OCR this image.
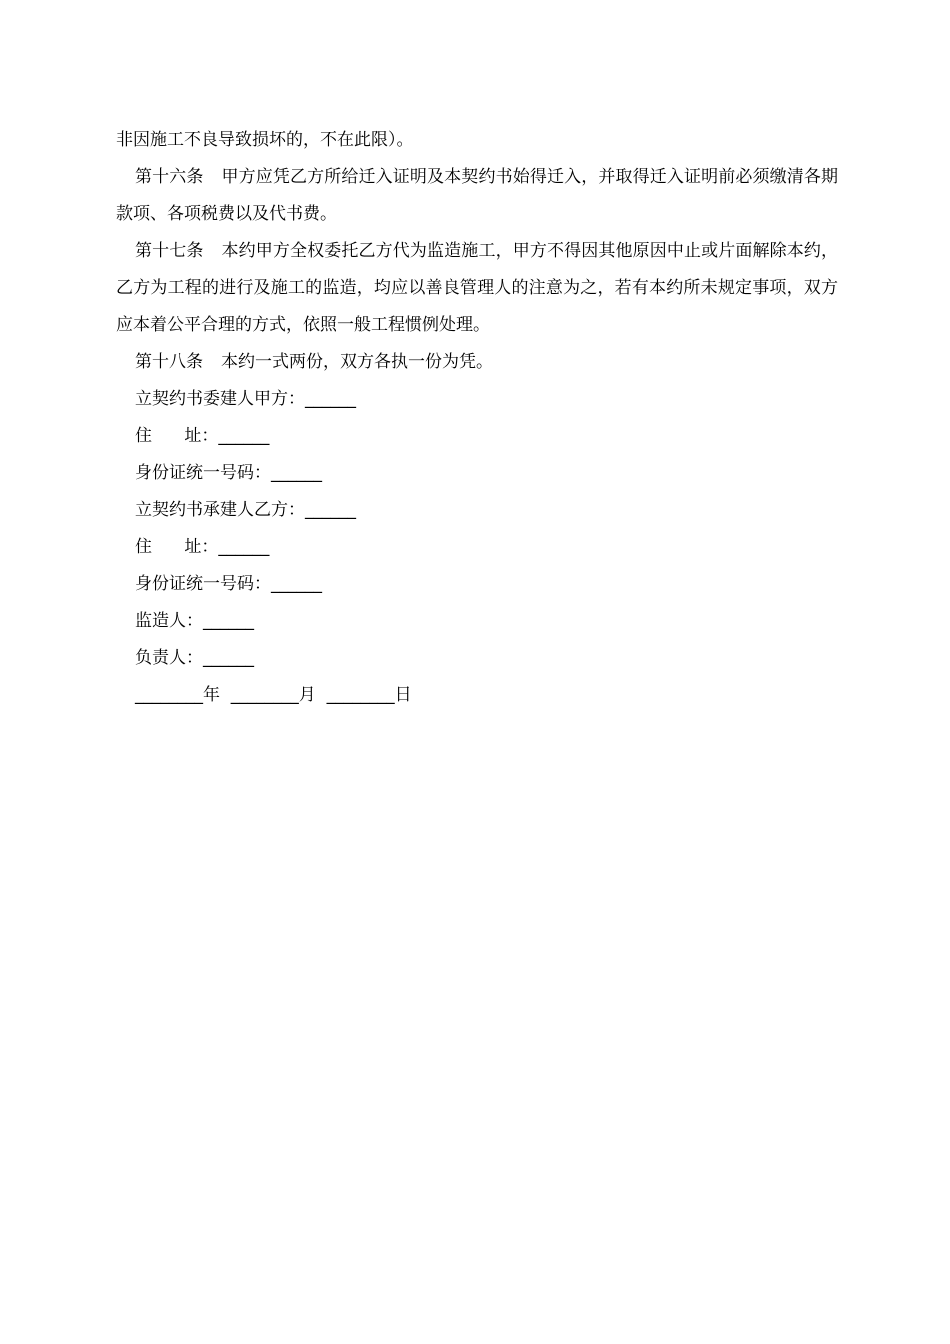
非因施工不良导致损坏的，不在此限）。

第十六条 甲方应凭乙方所给迁入证明及本契约书始得迁入，并取得迁入证明前必须缴清各期款项、各项税费以及代书费。

第十七条 本约甲方全权委托乙方代为监造施工，甲方不得因其他原因中止或片面解除本约，乙方为工程的进行及施工的监造，均应以善良管理人的注意为之，若有本约所未规定事项，双方应本着公平合理的方式，依照一般工程惯例处理。

第十八条 本约一式两份，双方各执一份为凭。

立契约书委建人甲方：______

住      址：______

身份证统一号码：______

立契约书承建人乙方：______

住      址：______

身份证统一号码：______

监造人：______

负责人：______

________年  ________月  ________日
